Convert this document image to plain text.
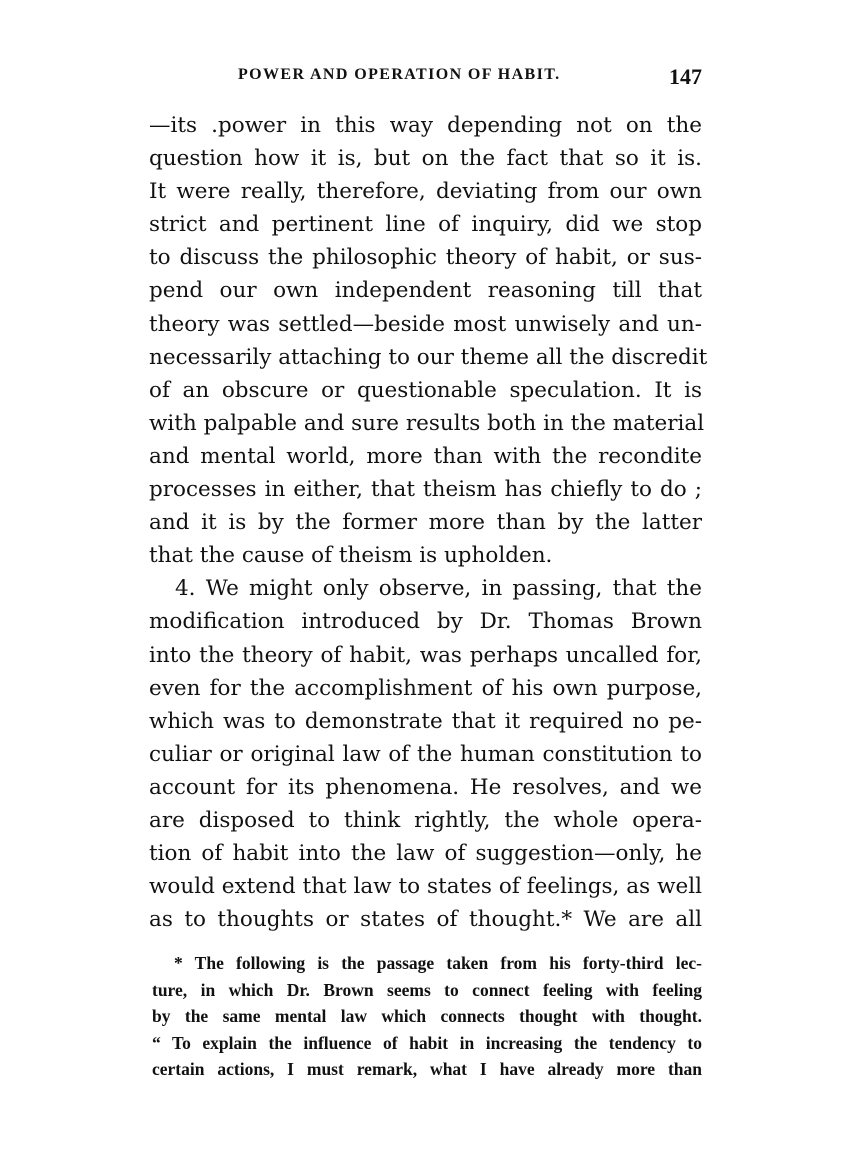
POWER AND OPERATION OF HABIT.	147
—its .power in this way depending not on the
question how it is, but on the fact that so it is.
It were really, therefore, deviating from our own
strict and pertinent line of inquiry, did we stop
to discuss the philosophic theory of habit, or sus-
pend our own independent reasoning till that
theory was settled—beside most unwisely and un-
necessarily attaching to our theme all the discredit
of an obscure or questionable speculation. It is
with palpable and sure results both in the material
and mental world, more than with the recondite
processes in either, that theism has chiefly to do ;
and it is by the former more than by the latter
that the cause of theism is upholden.
4. We might only observe, in passing, that the
modification introduced by Dr. Thomas Brown
into the theory of habit, was perhaps uncalled for,
even for the accomplishment of his own purpose,
which was to demonstrate that it required no pe-
culiar or original law of the human constitution to
account for its phenomena. He resolves, and we
are disposed to think rightly, the whole opera-
tion of habit into the law of suggestion—only, he
would extend that law to states of feelings, as well
as to thoughts or states of thought.* We are all
* The following is the passage taken from his forty-third lec-
ture, in which Dr. Brown seems to connect feeling with feeling
by the same mental law which connects thought with thought.
“ To explain the influence of habit in increasing the tendency to
certain actions, I must remark, what I have already more than
